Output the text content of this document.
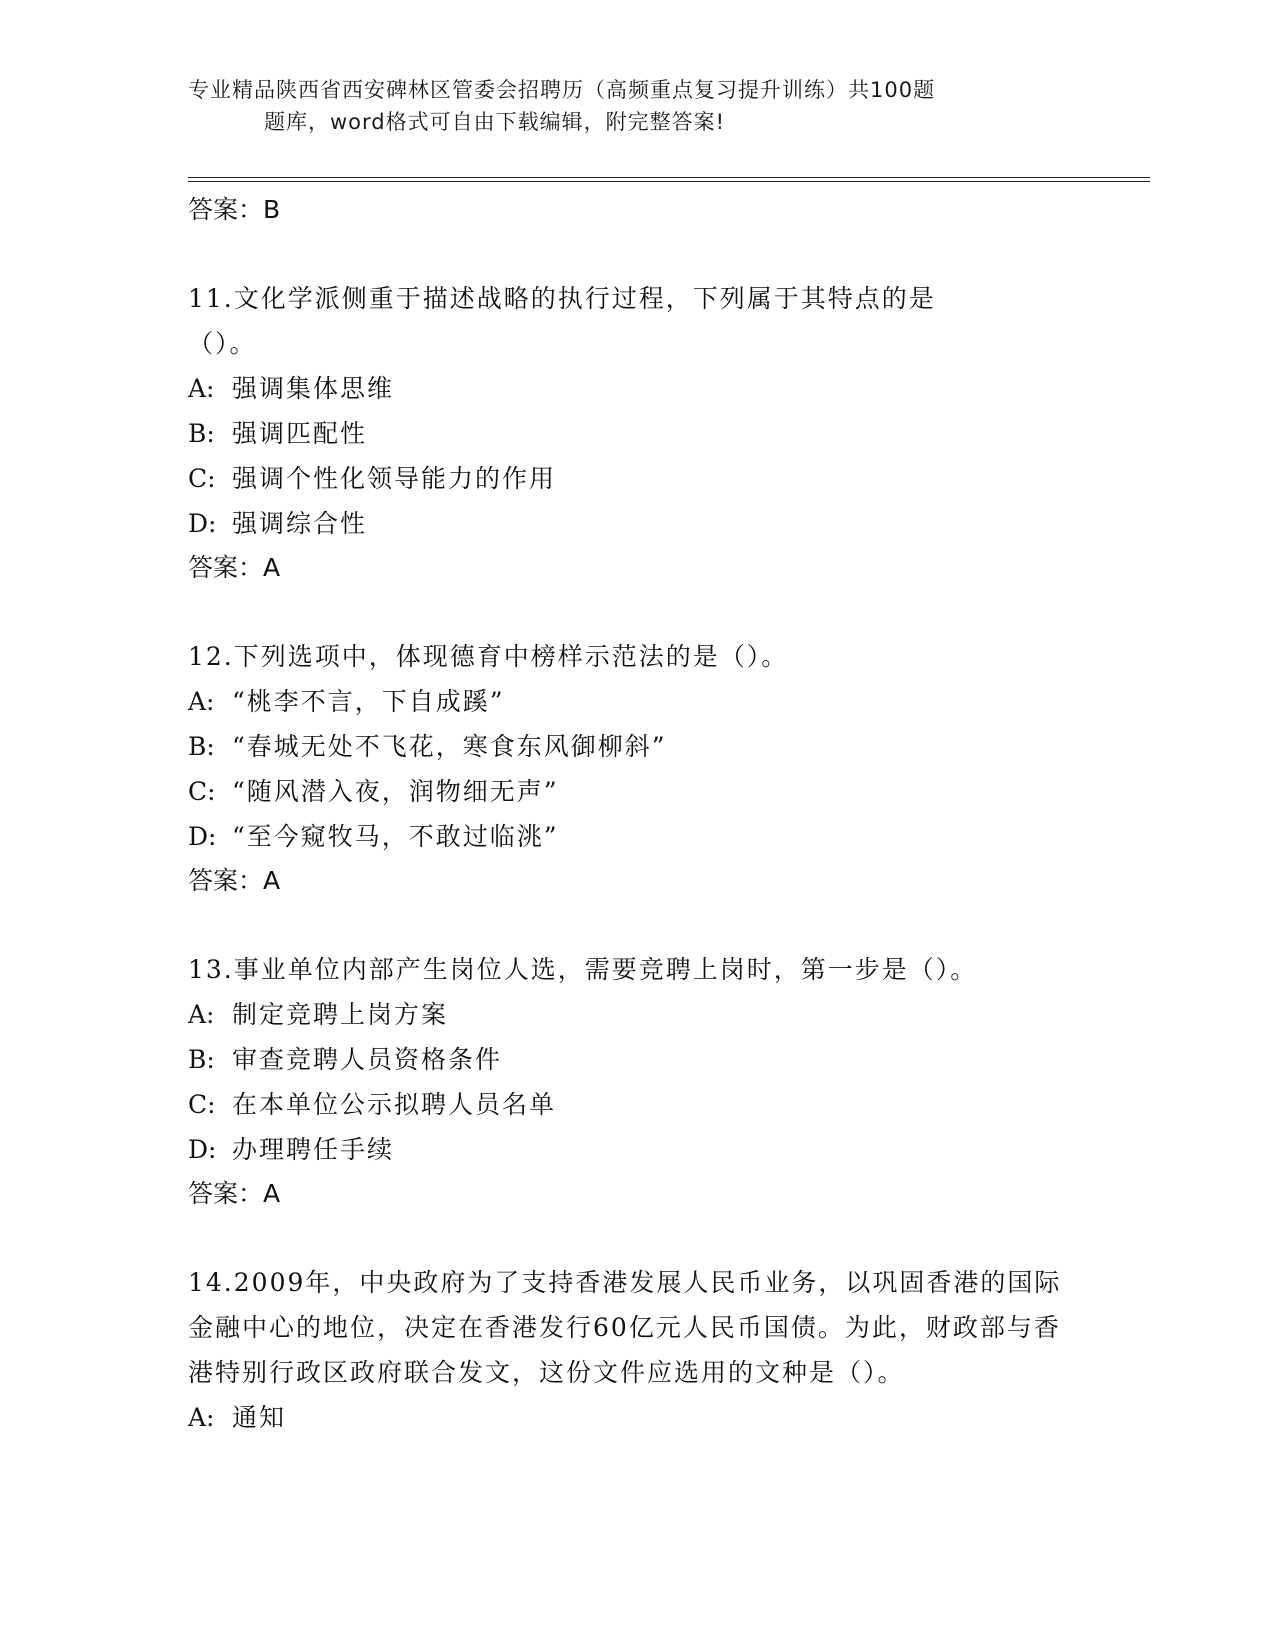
专业精品陕西省西安碑林区管委会招聘历（高频重点复习提升训练）共100题
题库，word格式可自由下载编辑，附完整答案!

答案：B

11.文化学派侧重于描述战略的执行过程，下列属于其特点的是（）。

A: 强调集体思维

B: 强调匹配性

C: 强调个性化领导能力的作用

D: 强调综合性

答案：A

12.下列选项中，体现德育中榜样示范法的是（）。

A: “桃李不言，下自成蹊”

B: “春城无处不飞花，寒食东风御柳斜”

C: “随风潜入夜，润物细无声”

D: “至今窥牧马，不敢过临洮”

答案：A

13.事业单位内部产生岗位人选，需要竞聘上岗时，第一步是（）。

A: 制定竞聘上岗方案

B: 审查竞聘人员资格条件

C: 在本单位公示拟聘人员名单

D: 办理聘任手续

答案：A

14.2009年，中央政府为了支持香港发展人民币业务，以巩固香港的国际金融中心的地位，决定在香港发行60亿元人民币国债。为此，财政部与香港特别行政区政府联合发文，这份文件应选用的文种是（）。

A: 通知
